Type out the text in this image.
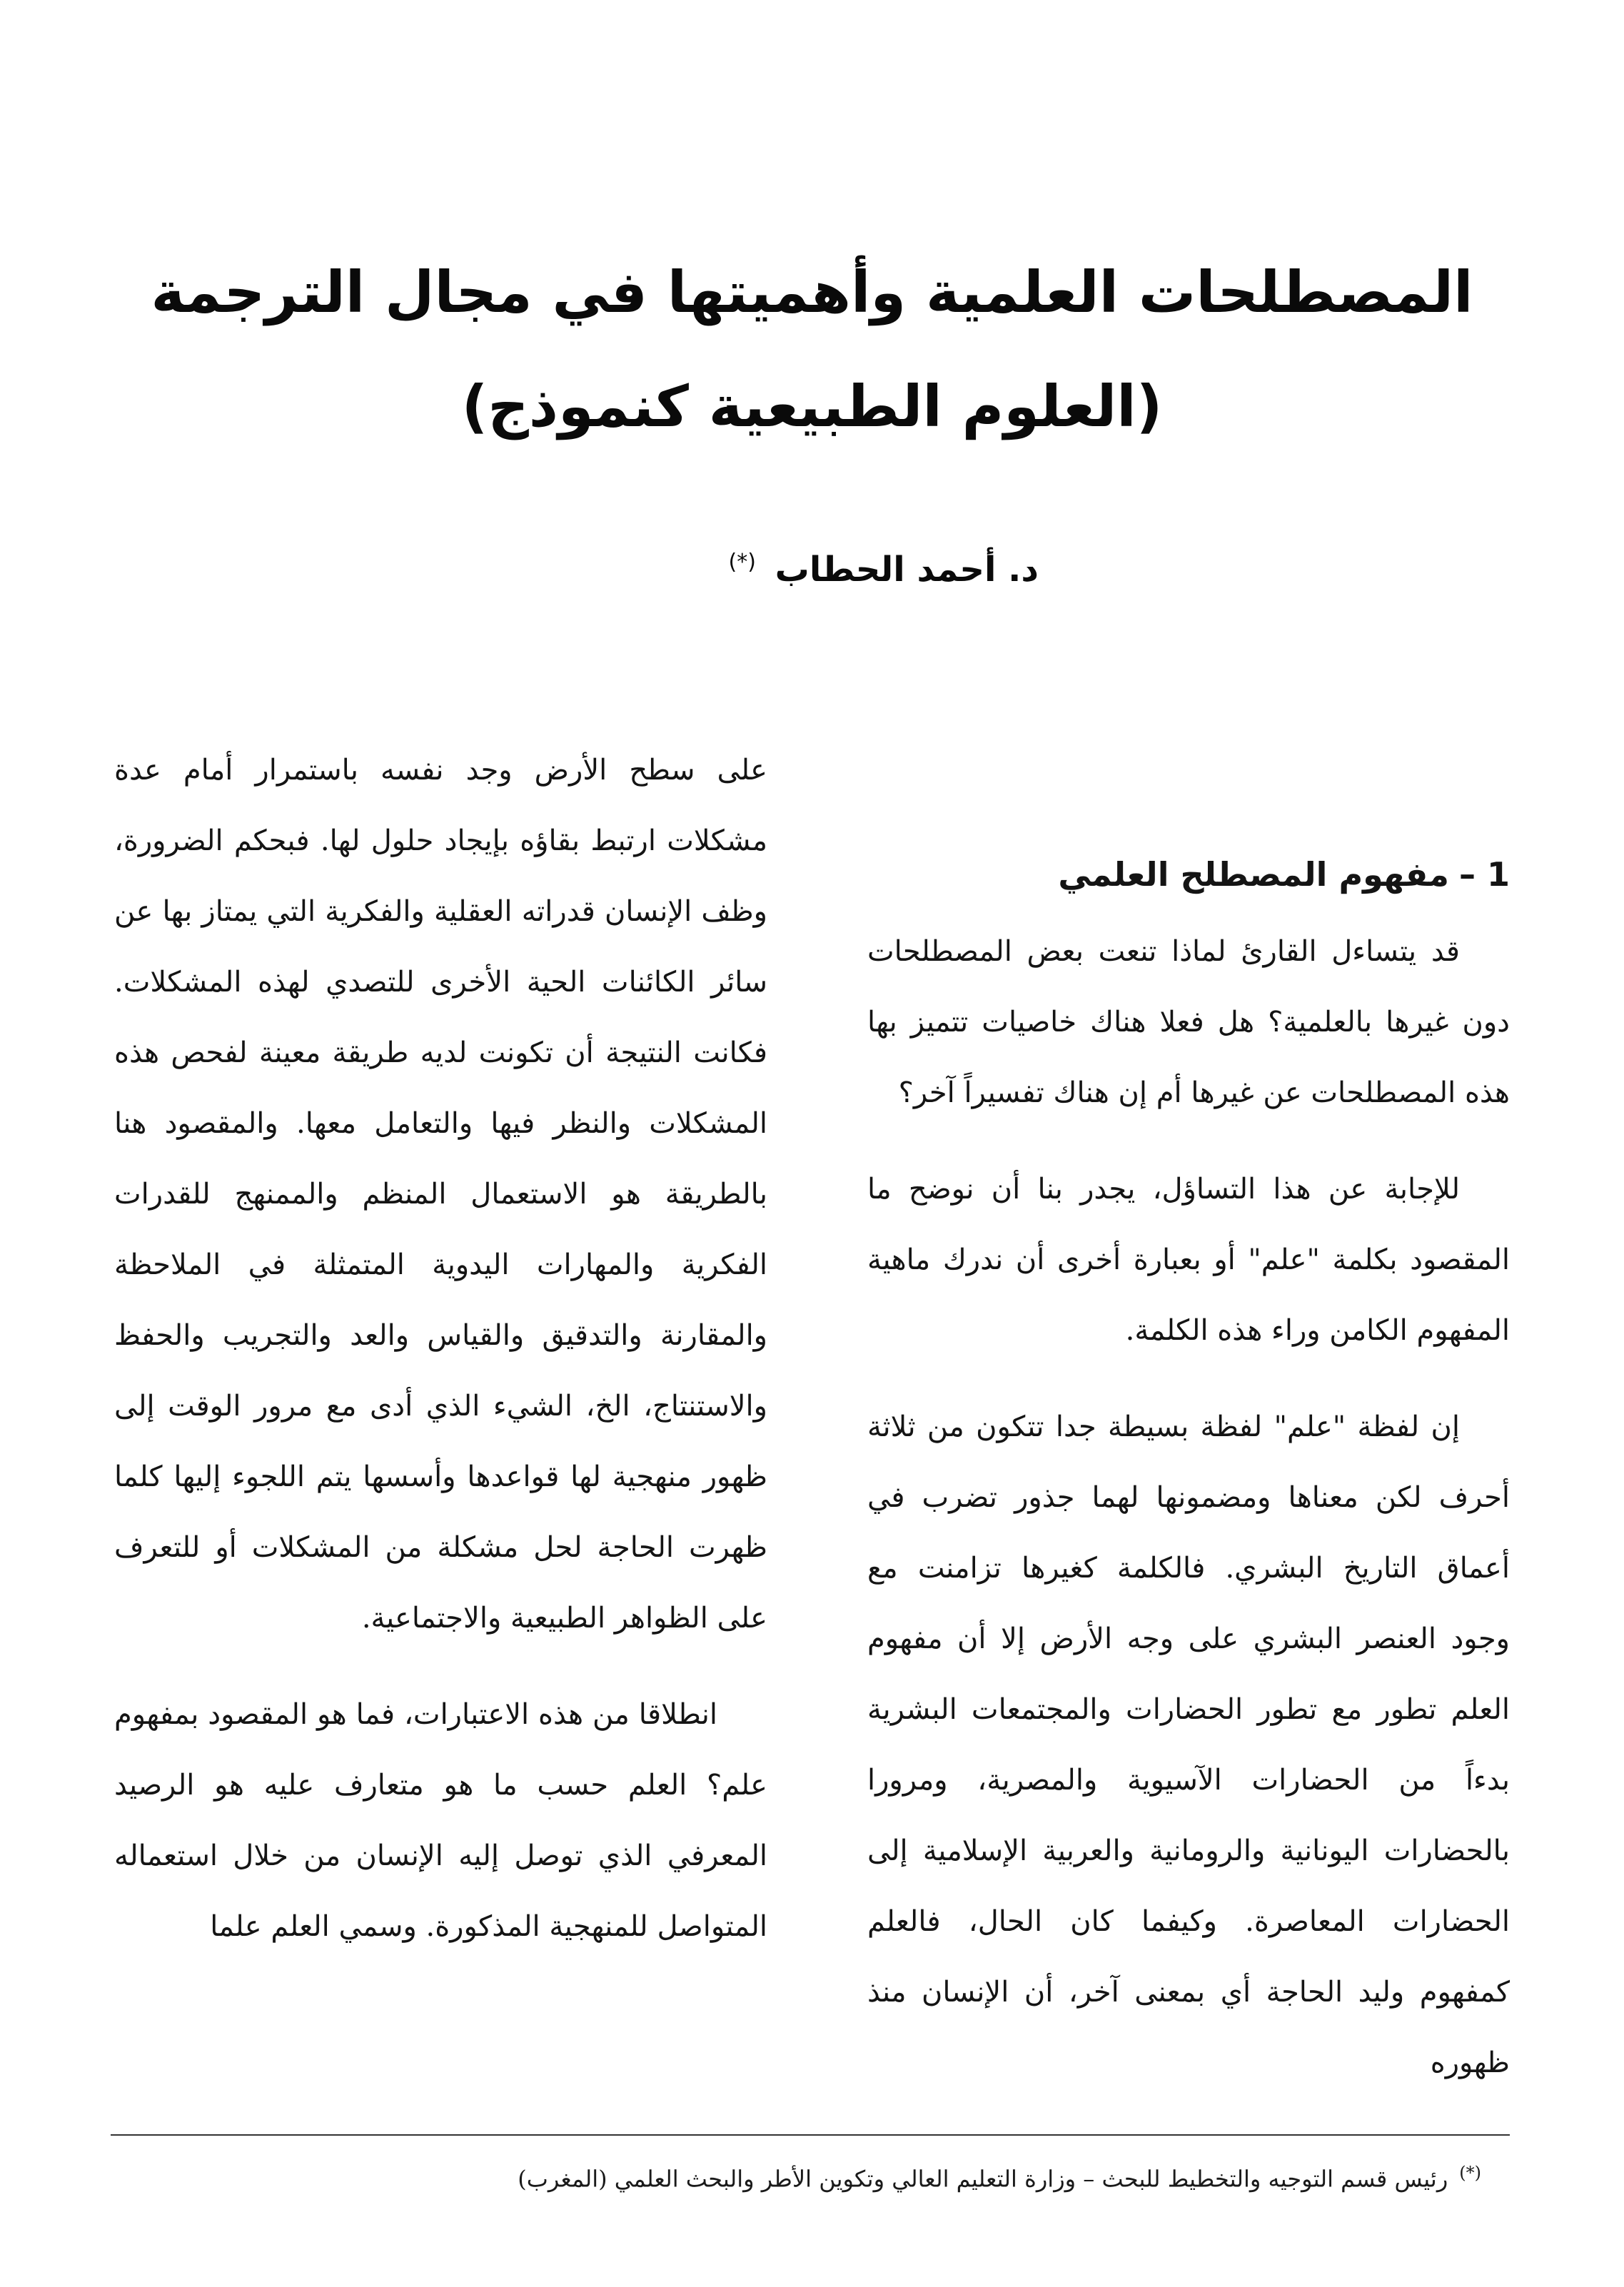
المصطلحات العلمية وأهميتها في مجال الترجمة
(العلوم الطبيعية كنموذج)
د. أحمد الحطاب (*)
1 –مفهوم المصطلح العلمي

قد يتساءل القارئ لماذا تنعت بعض المصطلحات دون غيرها بالعلمية؟ هل فعلا هناك خاصيات تتميز بها هذه المصطلحات عن غيرها أم إن هناك تفسيراً آخر؟

للإجابة عن هذا التساؤل، يجدر بنا أن نوضح ما المقصود بكلمة "علم" أو بعبارة أخرى أن ندرك ماهية المفهوم الكامن وراء هذه الكلمة.

إن لفظة "علم" لفظة بسيطة جدا تتكون من ثلاثة أحرف لكن معناها ومضمونها لهما جذور تضرب في أعماق التاريخ البشري. فالكلمة كغيرها تزامنت مع وجود العنصر البشري على وجه الأرض إلا أن مفهوم العلم تطور مع تطور الحضارات والمجتمعات البشرية بدءاً من الحضارات الآسيوية والمصرية، ومرورا بالحضارات اليونانية والرومانية والعربية الإسلامية إلى الحضارات المعاصرة. وكيفما كان الحال، فالعلم كمفهوم وليد الحاجة أي بمعنى آخر، أن الإنسان منذ ظهوره

على سطح الأرض وجد نفسه باستمرار أمام عدة مشكلات ارتبط بقاؤه بإيجاد حلول لها. فبحكم الضرورة، وظف الإنسان قدراته العقلية والفكرية التي يمتاز بها عن سائر الكائنات الحية الأخرى للتصدي لهذه المشكلات. فكانت النتيجة أن تكونت لديه طريقة معينة لفحص هذه المشكلات والنظر فيها والتعامل معها. والمقصود هنا بالطريقة هو الاستعمال المنظم والممنهج للقدرات الفكرية والمهارات اليدوية المتمثلة في الملاحظة والمقارنة والتدقيق والقياس والعد والتجريب والحفظ والاستنتاج، الخ، الشيء الذي أدى مع مرور الوقت إلى ظهور منهجية لها قواعدها وأسسها يتم اللجوء إليها كلما ظهرت الحاجة لحل مشكلة من المشكلات أو للتعرف على الظواهر الطبيعية والاجتماعية.

انطلاقا من هذه الاعتبارات، فما هو المقصود بمفهوم علم؟ العلم حسب ما هو متعارف عليه هو الرصيد المعرفي الذي توصل إليه الإنسان من خلال استعماله المتواصل للمنهجية المذكورة. وسمي العلم علما

(*)رئيس قسم التوجيه والتخطيط للبحث – وزارة التعليم العالي وتكوين الأطر والبحث العلمي (المغرب)
